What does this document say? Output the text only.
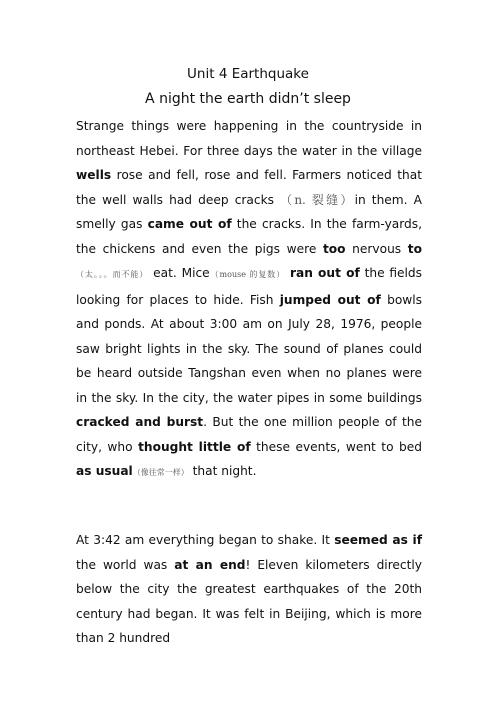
Unit 4 Earthquake
A night the earth didn’t sleep
Strange things were happening in the countryside in northeast Hebei. For three days the water in the village wells rose and fell, rose and fell. Farmers noticed that the well walls had deep cracks （n. 裂缝）in them. A smelly gas came out of the cracks. In the farm-yards, the chickens and even the pigs were too nervous to（太。。。而不能） eat. Mice（mouse 的复数） ran out of the fields looking for places to hide. Fish jumped out of bowls and ponds. At about 3:00 am on July 28, 1976, people saw bright lights in the sky. The sound of planes could be heard outside Tangshan even when no planes were in the sky. In the city, the water pipes in some buildings cracked and burst. But the one million people of the city, who thought little of these events, went to bed as usual（像往常一样） that night.
At 3:42 am everything began to shake. It seemed as if the world was at an end! Eleven kilometers directly below the city the greatest earthquakes of the 20th century had began. It was felt in Beijing, which is more than 2 hundred
